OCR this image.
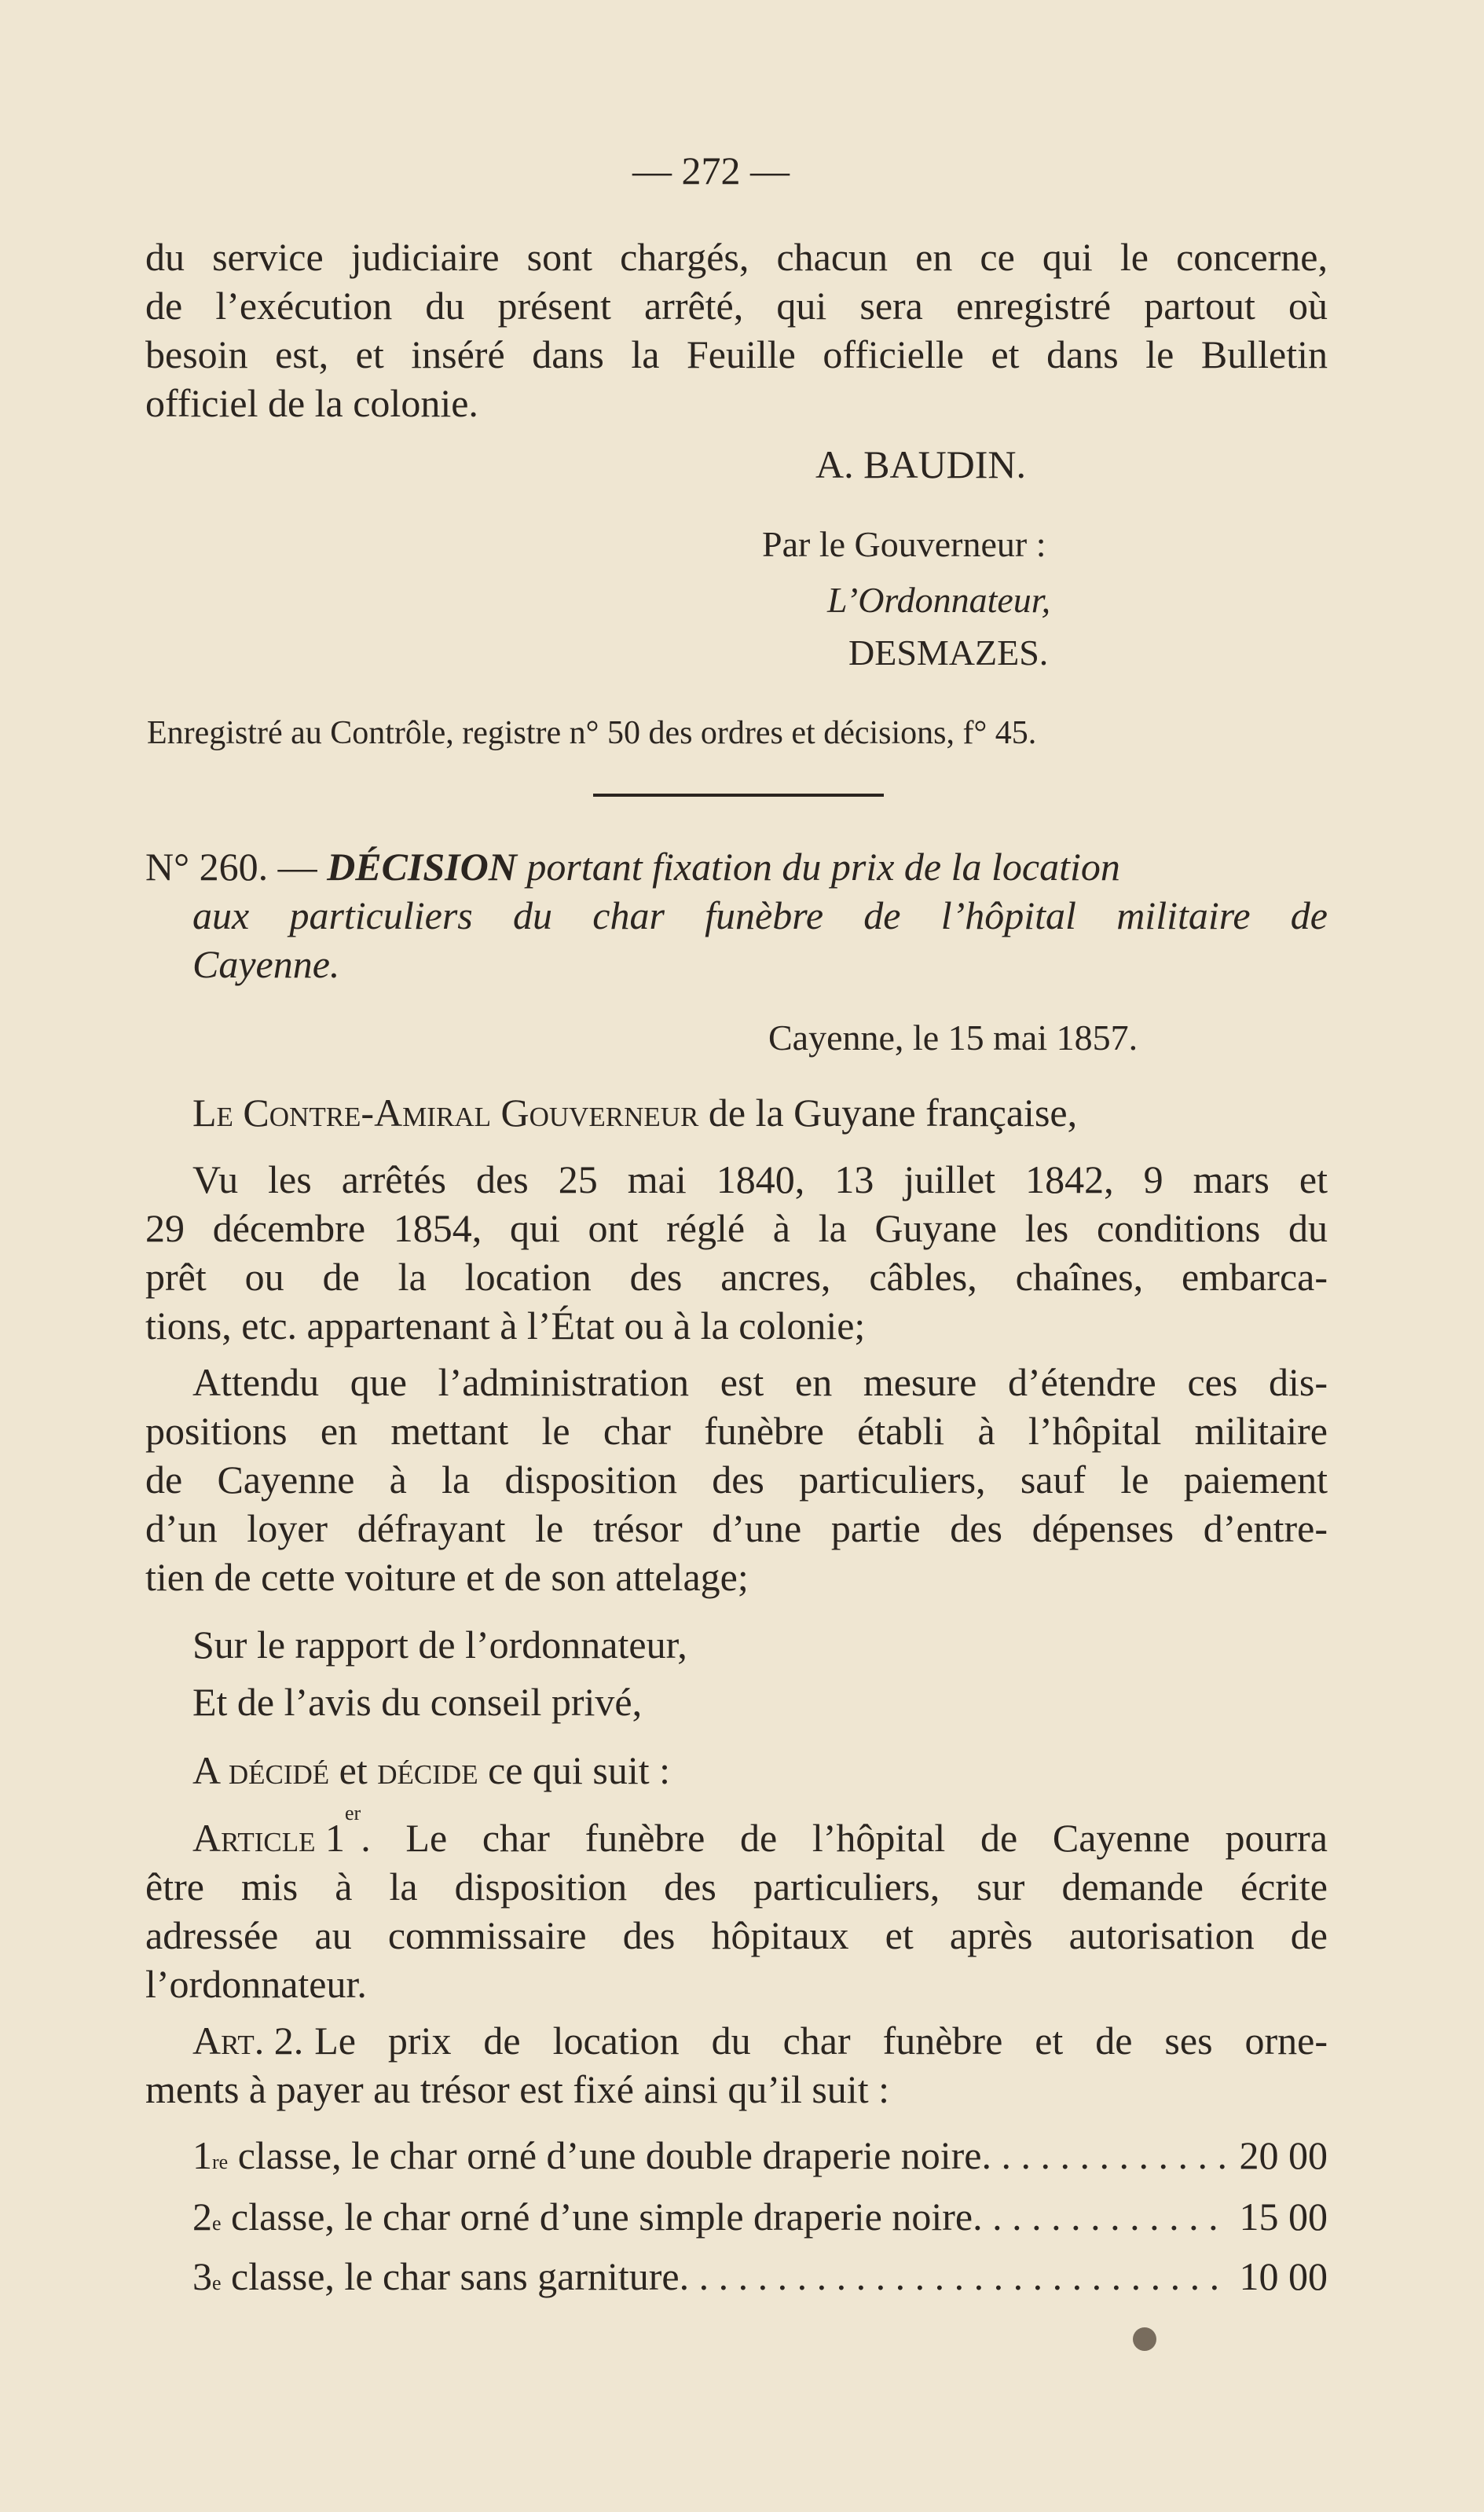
— 272 —

du service judiciaire sont chargés, chacun en ce qui le concerne,

de l’exécution du présent arrêté, qui sera enregistré partout où

besoin est, et inséré dans la Feuille officielle et dans le Bulletin

officiel de la colonie.

A. BAUDIN.

Par le Gouverneur :

L’Ordonnateur,

DESMAZES.

Enregistré au Contrôle, registre n° 50 des ordres et décisions, f° 45.

N° 260. — DÉCISION portant fixation du prix de la location

aux particuliers du char funèbre de l’hôpital militaire de

Cayenne.

Cayenne, le 15 mai 1857.

Le Contre-Amiral Gouverneur de la Guyane française,

Vu les arrêtés des 25 mai 1840, 13 juillet 1842, 9 mars et

29 décembre 1854, qui ont réglé à la Guyane les conditions du

prêt ou de la location des ancres, câbles, chaînes, embarca-

tions, etc. appartenant à l’État ou à la colonie;

Attendu que l’administration est en mesure d’étendre ces dis-

positions en mettant le char funèbre établi à l’hôpital militaire

de Cayenne à la disposition des particuliers, sauf le paiement

d’un loyer défrayant le trésor d’une partie des dépenses d’entre-

tien de cette voiture et de son attelage;

Sur le rapport de l’ordonnateur,

Et de l’avis du conseil privé,

A décidé et décide ce qui suit :

Article 1
er
. Le char funèbre de l’hôpital de Cayenne pourra

être mis à la disposition des particuliers, sur demande écrite

adressée au commissaire des hôpitaux et après autorisation de

l’ordonnateur.

Art. 2. Le prix de location du char funèbre et de ses orne-

ments à payer au trésor est fixé ainsi qu’il suit :

1 re
classe, le char orné d’une double draperie noire . . .
	20 00
2 e
classe, le char orné d’une simple draperie noire . . .
	15 00
3 e
classe, le char sans garniture . . .
	10 00
